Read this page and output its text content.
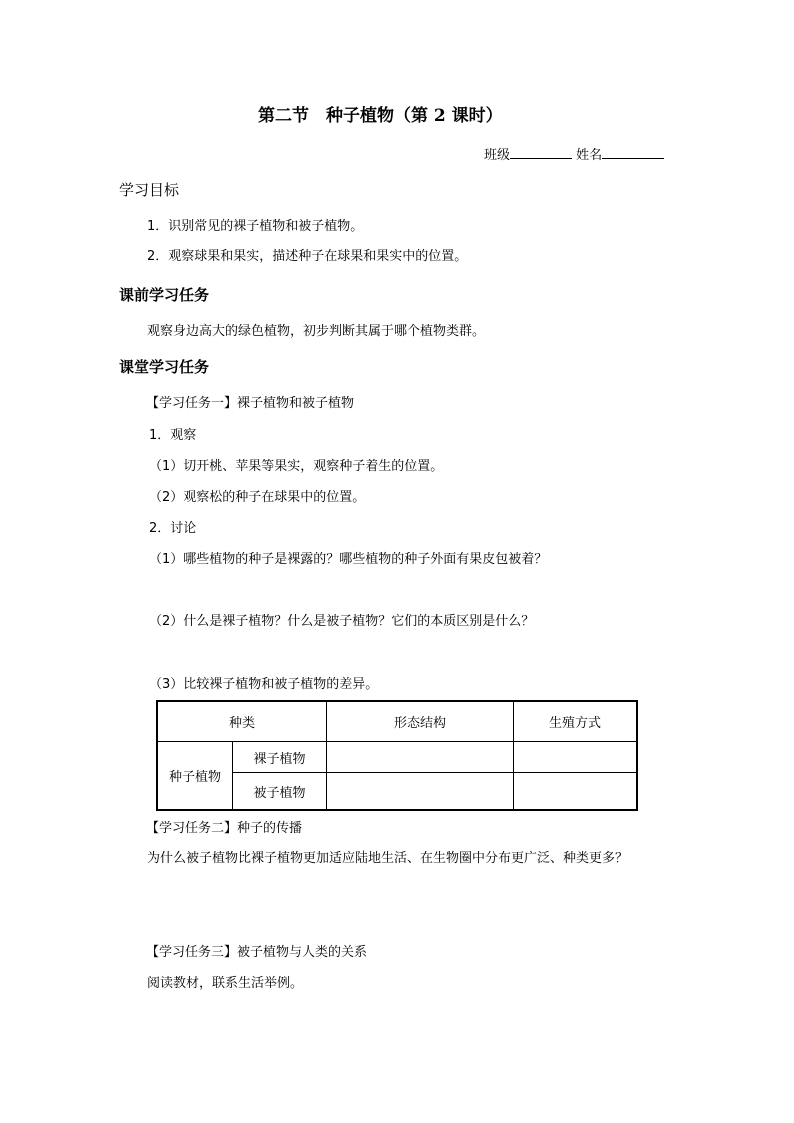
第二节　种子植物（第 2 课时）
班级	姓名
学习目标
1．识别常见的裸子植物和被子植物。
2．观察球果和果实，描述种子在球果和果实中的位置。
课前学习任务
观察身边高大的绿色植物，初步判断其属于哪个植物类群。
课堂学习任务
【学习任务一】裸子植物和被子植物
1．观察
（1）切开桃、苹果等果实，观察种子着生的位置。
（2）观察松的种子在球果中的位置。
2．讨论
（1）哪些植物的种子是裸露的？哪些植物的种子外面有果皮包被着？
（2）什么是裸子植物？什么是被子植物？它们的本质区别是什么？
（3）比较裸子植物和被子植物的差异。
种类		形态结构	生殖方式
种子植物	裸子植物		
	被子植物		
【学习任务二】种子的传播
为什么被子植物比裸子植物更加适应陆地生活、在生物圈中分布更广泛、种类更多？
【学习任务三】被子植物与人类的关系
阅读教材，联系生活举例。
